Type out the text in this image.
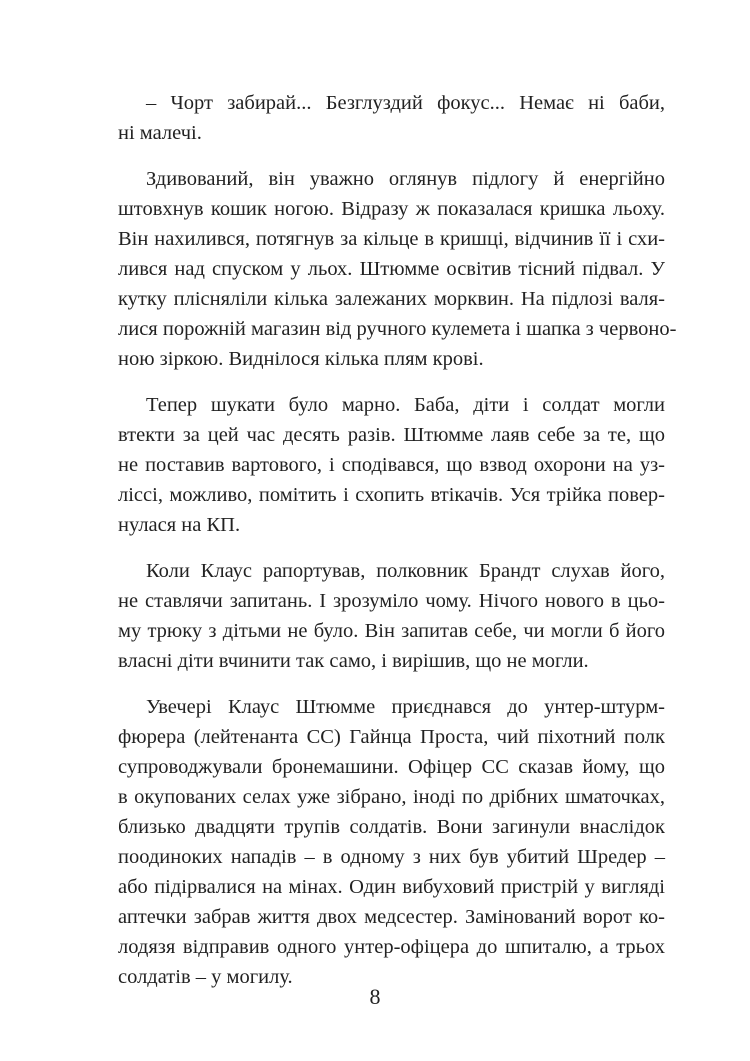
– Чорт забирай... Безглуздий фокус... Немає ні баби,
ні малечі.

Здивований, він уважно оглянув підлогу й енергійно
штовхнув кошик ногою. Відразу ж показалася кришка льоху.
Він нахилився, потягнув за кільце в кришці, відчинив її і схи-
лився над спуском у льох. Штюмме освітив тісний підвал. У
кутку плісняліли кілька залежаних морквин. На підлозі валя-
лися порожній магазин від ручного кулемета і шапка з червоно-
ною зіркою. Виднілося кілька плям крові.

Тепер шукати було марно. Баба, діти і солдат могли
втекти за цей час десять разів. Штюмме лаяв себе за те, що
не поставив вартового, і сподівався, що взвод охорони на уз-
ліссі, можливо, помітить і схопить втікачів. Уся трійка повер-
нулася на КП.

Коли Клаус рапортував, полковник Брандт слухав його,
не ставлячи запитань. І зрозуміло чому. Нічого нового в цьо-
му трюку з дітьми не було. Він запитав себе, чи могли б його
власні діти вчинити так само, і вирішив, що не могли.

Увечері Клаус Штюмме приєднався до унтер-штурм-
фюрера (лейтенанта СС) Гайнца Проста, чий піхотний полк
супроводжували бронемашини. Офіцер СС сказав йому, що
в окупованих селах уже зібрано, іноді по дрібних шматочках,
близько двадцяти трупів солдатів. Вони загинули внаслідок
поодиноких нападів – в одному з них був убитий Шредер –
або підірвалися на мінах. Один вибуховий пристрій у вигляді
аптечки забрав життя двох медсестер. Замінований ворот ко-
лодязя відправив одного унтер-офіцера до шпиталю, а трьох
солдатів – у могилу.

8
